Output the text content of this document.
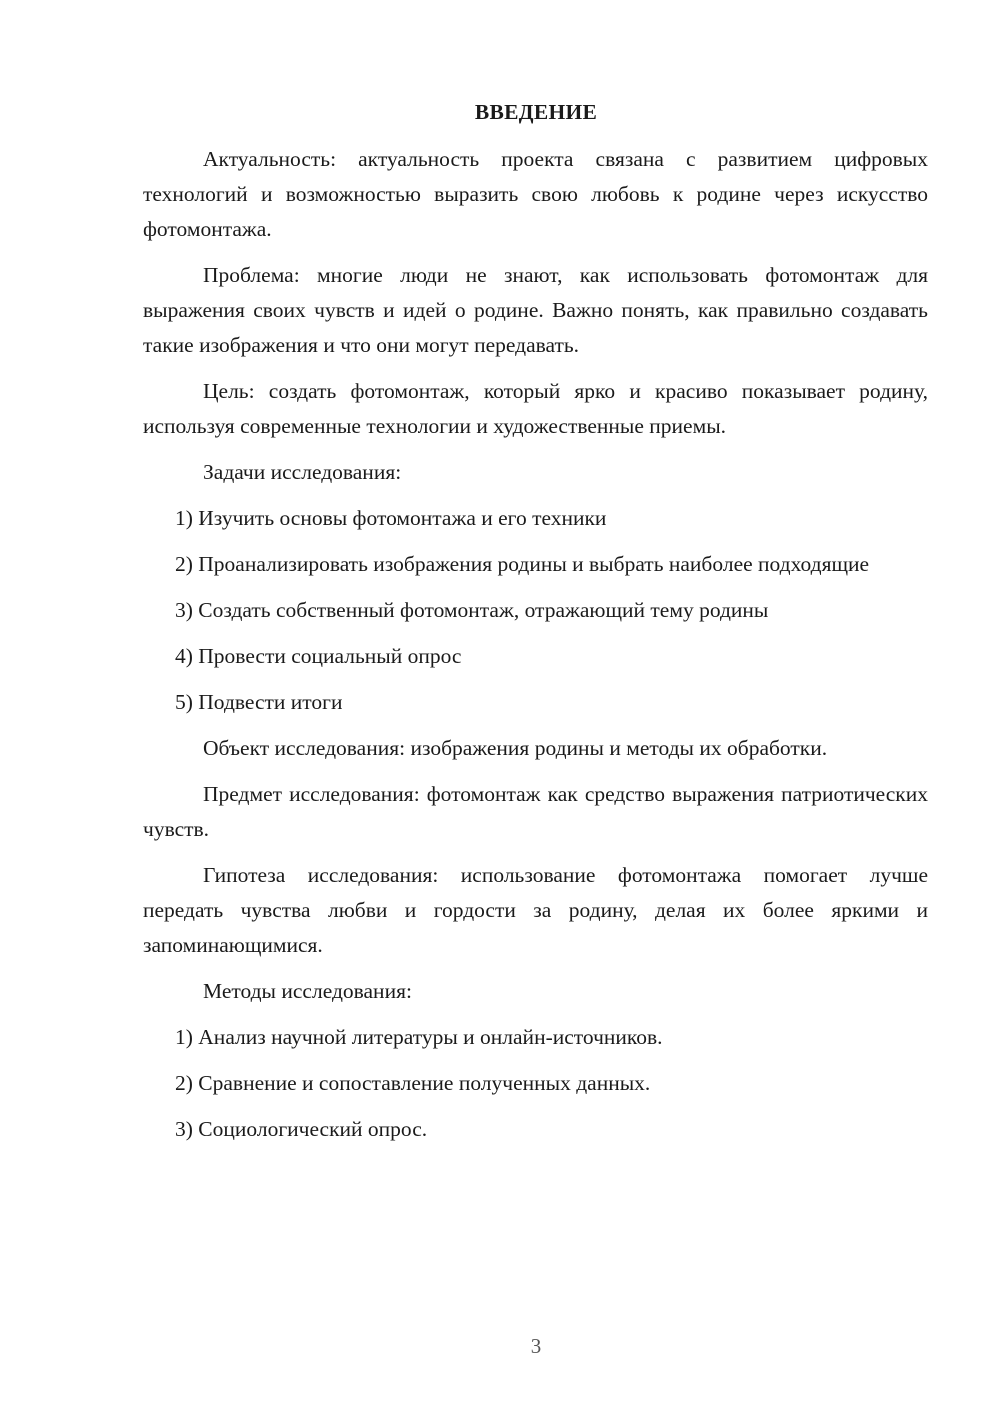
ВВЕДЕНИЕ

Актуальность: актуальность проекта связана с развитием цифровых технологий и возможностью выразить свою любовь к родине через искусство фотомонтажа.

Проблема: многие люди не знают, как использовать фотомонтаж для выражения своих чувств и идей о родине. Важно понять, как правильно создавать такие изображения и что они могут передавать.

Цель: создать фотомонтаж, который ярко и красиво показывает родину, используя современные технологии и художественные приемы.

Задачи исследования:

1) Изучить основы фотомонтажа и его техники

2) Проанализировать изображения родины и выбрать наиболее подходящие

3) Создать собственный фотомонтаж, отражающий тему родины

4) Провести социальный опрос

5) Подвести итоги

Объект исследования: изображения родины и методы их обработки.

Предмет исследования: фотомонтаж как средство выражения патриотических чувств.

Гипотеза исследования: использование фотомонтажа помогает лучше передать чувства любви и гордости за родину, делая их более яркими и запоминающимися.

Методы исследования:

1) Анализ научной литературы и онлайн-источников.

2) Сравнение и сопоставление полученных данных.

3) Социологический опрос.

3
